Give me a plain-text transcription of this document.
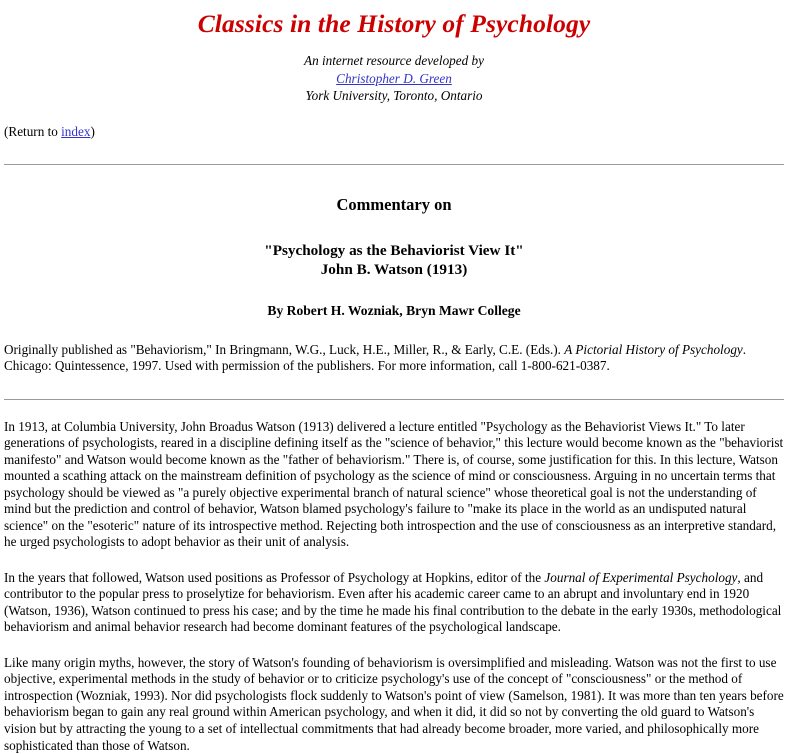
Classics in the History of Psychology
An internet resource developed by
Christopher D. Green
York University, Toronto, Ontario
(Return to index)
Commentary on
"Psychology as the Behaviorist View It"
John B. Watson (1913)
By Robert H. Wozniak, Bryn Mawr College

Originally published as "Behaviorism," In Bringmann, W.G., Luck, H.E., Miller, R., & Early, C.E. (Eds.). A Pictorial History of Psychology. Chicago: Quintessence, 1997. Used with permission of the publishers. For more information, call 1-800-621-0387.

In 1913, at Columbia University, John Broadus Watson (1913) delivered a lecture entitled "Psychology as the Behaviorist Views It." To later generations of psychologists, reared in a discipline defining itself as the "science of behavior," this lecture would become known as the "behaviorist manifesto" and Watson would become known as the "father of behaviorism." There is, of course, some justification for this. In this lecture, Watson mounted a scathing attack on the mainstream definition of psychology as the science of mind or consciousness. Arguing in no uncertain terms that psychology should be viewed as "a purely objective experimental branch of natural science" whose theoretical goal is not the understanding of mind but the prediction and control of behavior, Watson blamed psychology's failure to "make its place in the world as an undisputed natural science" on the "esoteric" nature of its introspective method. Rejecting both introspection and the use of consciousness as an interpretive standard, he urged psychologists to adopt behavior as their unit of analysis.

In the years that followed, Watson used positions as Professor of Psychology at Hopkins, editor of the Journal of Experimental Psychology, and contributor to the popular press to proselytize for behaviorism. Even after his academic career came to an abrupt and involuntary end in 1920 (Watson, 1936), Watson continued to press his case; and by the time he made his final contribution to the debate in the early 1930s, methodological behaviorism and animal behavior research had become dominant features of the psychological landscape.

Like many origin myths, however, the story of Watson's founding of behaviorism is oversimplified and misleading. Watson was not the first to use objective, experimental methods in the study of behavior or to criticize psychology's use of the concept of "consciousness" or the method of introspection (Wozniak, 1993). Nor did psychologists flock suddenly to Watson's point of view (Samelson, 1981). It was more than ten years before behaviorism began to gain any real ground within American psychology, and when it did, it did so not by converting the old guard to Watson's vision but by attracting the young to a set of intellectual commitments that had already become broader, more varied, and philosophically more sophisticated than those of Watson.
